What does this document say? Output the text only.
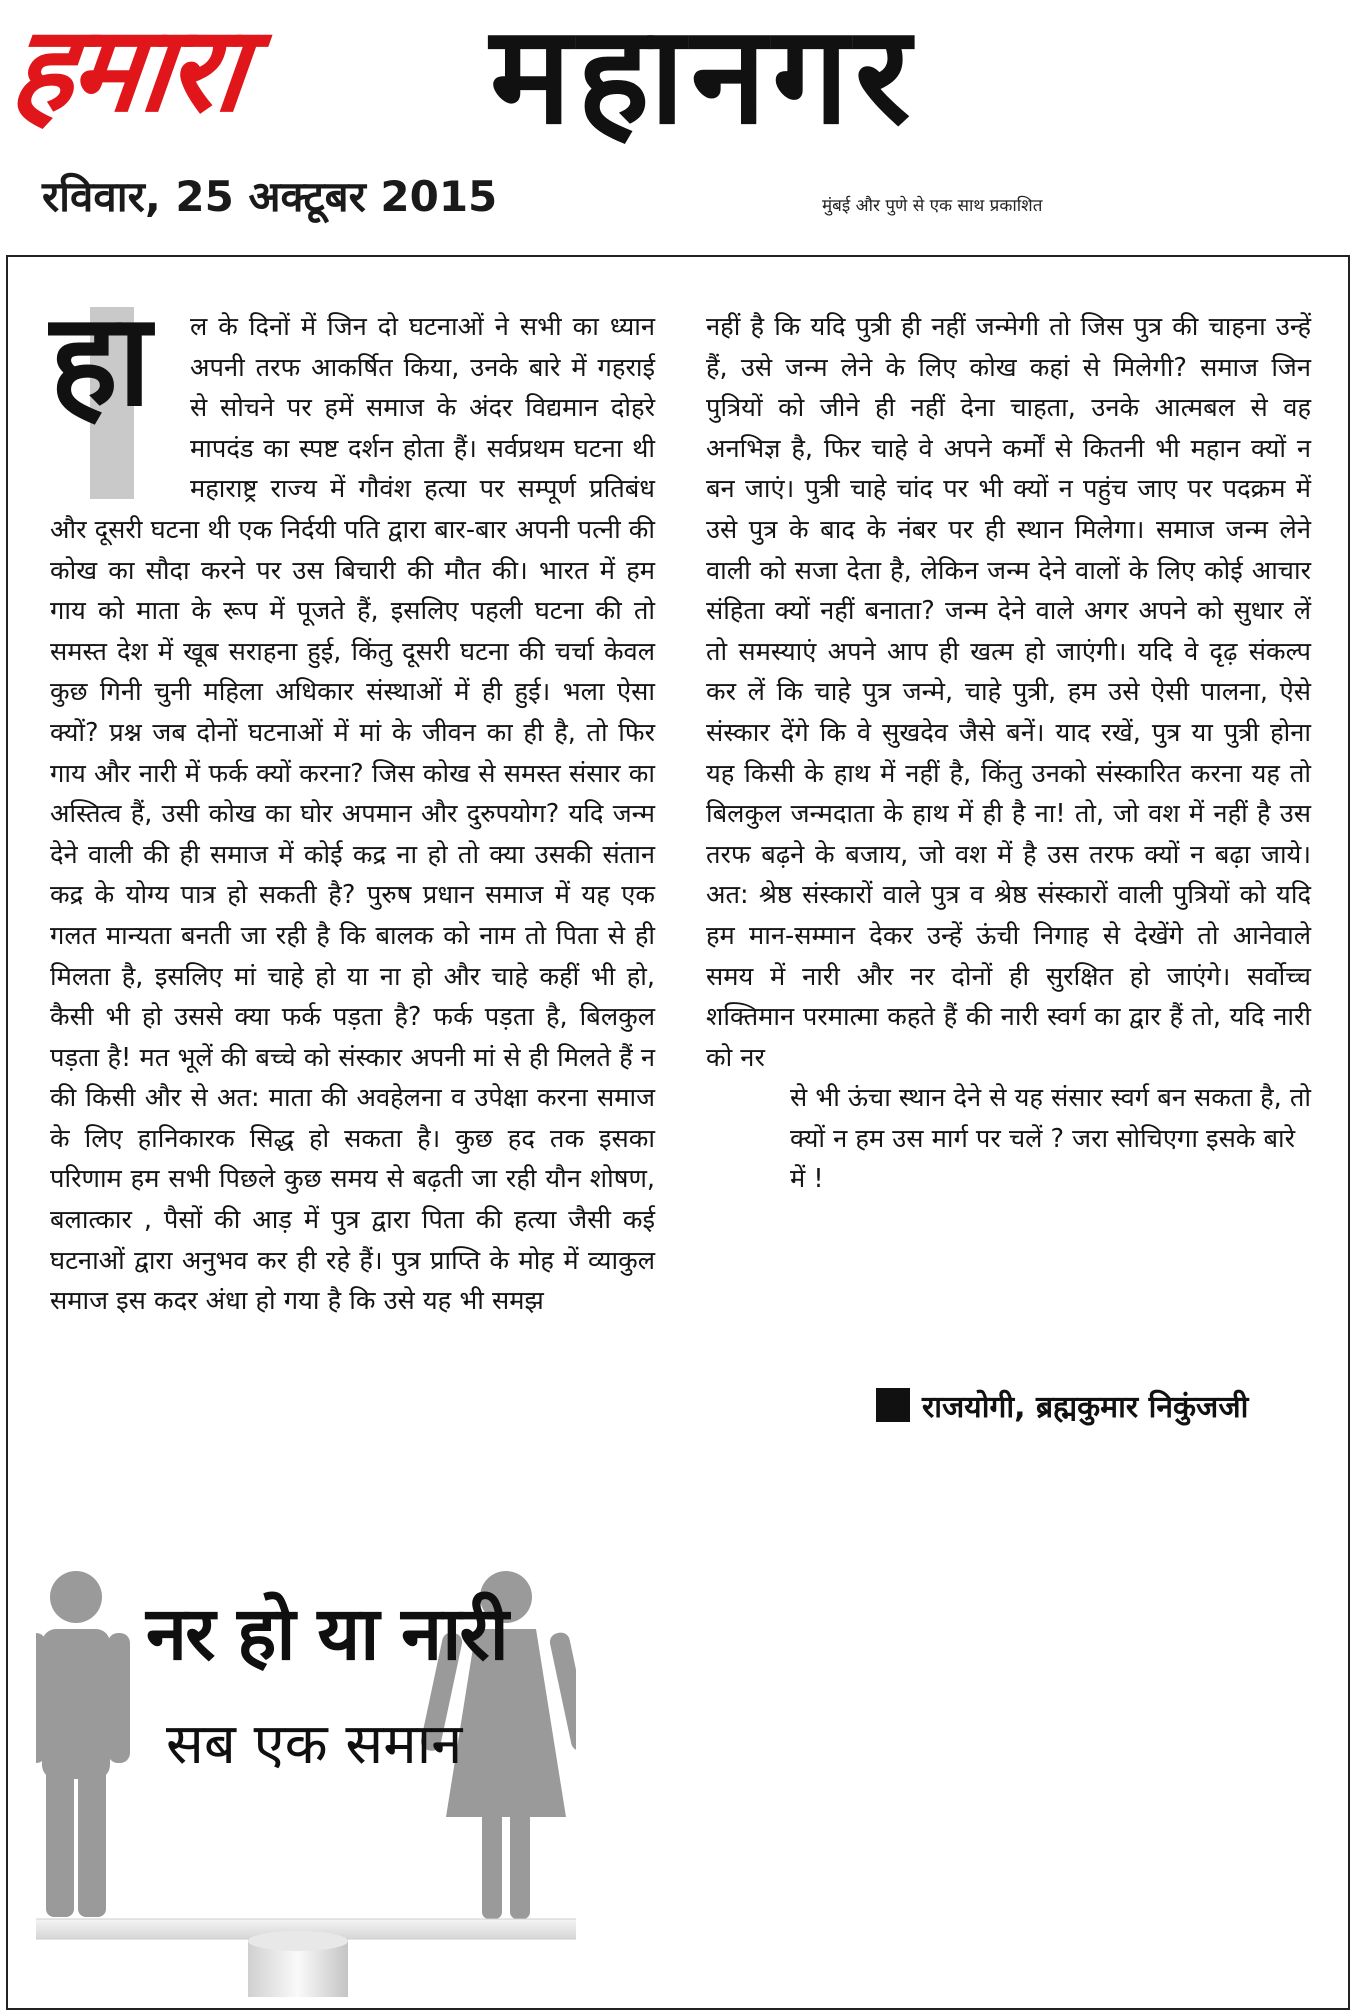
हमारा महानगर
रविवार, 25 अक्टूबर 2015	मुंबई और पुणे से एक साथ प्रकाशित
हा	ल के दिनों में जिन दो घटनाओं ने सभी का ध्यान अपनी तरफ आकर्षित किया, उनके बारे में गहराई से सोचने पर हमें समाज के अंदर विद्यमान दोहरे मापदंड का स्पष्ट दर्शन होता हैं। सर्वप्रथम घटना थी महाराष्ट्र राज्य में गौवंश हत्या पर सम्पूर्ण प्रतिबंध और दूसरी घटना थी एक निर्दयी पति द्वारा बार-बार अपनी पत्नी की कोख का सौदा करने पर उस बिचारी की मौत की। भारत में हम गाय को माता के रूप में पूजते हैं, इसलिए पहली घटना की तो समस्त देश में खूब सराहना हुई, किंतु दूसरी घटना की चर्चा केवल कुछ गिनी चुनी महिला अधिकार संस्थाओं में ही हुई। भला ऐसा क्यों? प्रश्न जब दोनों घटनाओं में मां के जीवन का ही है, तो फिर गाय और नारी में फर्क क्यों करना? जिस कोख से समस्त संसार का अस्तित्व हैं, उसी कोख का घोर अपमान और दुरुपयोग? यदि जन्म देने वाली की ही समाज में कोई कद्र ना हो तो क्या उसकी संतान कद्र के योग्य पात्र हो सकती है? पुरुष प्रधान समाज में यह एक गलत मान्यता बनती जा रही है कि बालक को नाम तो पिता से ही मिलता है, इसलिए मां चाहे हो या ना हो और चाहे कहीं भी हो, कैसी भी हो उससे क्या फर्क पड़ता है? फर्क पड़ता है, बिलकुल पड़ता है! मत भूलें की बच्चे को संस्कार अपनी मां से ही मिलते हैं न की किसी और से अत: माता की अवहेलना व उपेक्षा करना समाज के लिए हानिकारक सिद्ध हो सकता है। कुछ हद तक इसका परिणाम हम सभी पिछले कुछ समय से बढ़ती जा रही यौन शोषण, बलात्कार , पैसों की आड़ में पुत्र द्वारा पिता की हत्या जैसी कई घटनाओं द्वारा अनुभव कर ही रहे हैं। पुत्र प्राप्ति के मोह में व्याकुल समाज इस कदर अंधा हो गया है कि उसे यह भी समझ

नहीं है कि यदि पुत्री ही नहीं जन्मेगी तो जिस पुत्र की चाहना उन्हें हैं, उसे जन्म लेने के लिए कोख कहां से मिलेगी? समाज जिन पुत्रियों को जीने ही नहीं देना चाहता, उनके आत्मबल से वह अनभिज्ञ है, फिर चाहे वे अपने कर्मों से कितनी भी महान क्यों न बन जाएं। पुत्री चाहे चांद पर भी क्यों न पहुंच जाए पर पदक्रम में उसे पुत्र के बाद के नंबर पर ही स्थान मिलेगा। समाज जन्म लेने वाली को सजा देता है, लेकिन जन्म देने वालों के लिए कोई आचार संहिता क्यों नहीं बनाता? जन्म देने वाले अगर अपने को सुधार लें तो समस्याएं अपने आप ही खत्म हो जाएंगी। यदि वे दृढ़ संकल्प कर लें कि चाहे पुत्र जन्मे, चाहे पुत्री, हम उसे ऐसी पालना, ऐसे संस्कार देंगे कि वे सुखदेव जैसे बनें। याद रखें, पुत्र या पुत्री होना यह किसी के हाथ में नहीं है, किंतु उनको संस्कारित करना यह तो बिलकुल जन्मदाता के हाथ में ही है ना! तो, जो वश में नहीं है उस तरफ बढ़ने के बजाय, जो वश में है उस तरफ क्यों न बढ़ा जाये। अत: श्रेष्ठ संस्कारों वाले पुत्र व श्रेष्ठ संस्कारों वाली पुत्रियों को यदि हम मान-सम्मान देकर उन्हें ऊंची निगाह से देखेंगे तो आनेवाले समय में नारी और नर दोनों ही सुरक्षित हो जाएंगे। सर्वोच्च शक्तिमान परमात्मा कहते हैं की नारी स्वर्ग का द्वार हैं तो, यदि नारी को नर

से भी ऊंचा स्थान देने से यह संसार स्वर्ग बन सकता है, तो क्यों न हम उस मार्ग पर चलें ? जरा सोचिएगा इसके बारे में !

राजयोगी, ब्रह्मकुमार निकुंजजी
नर हो या नारी
सब एक समान
